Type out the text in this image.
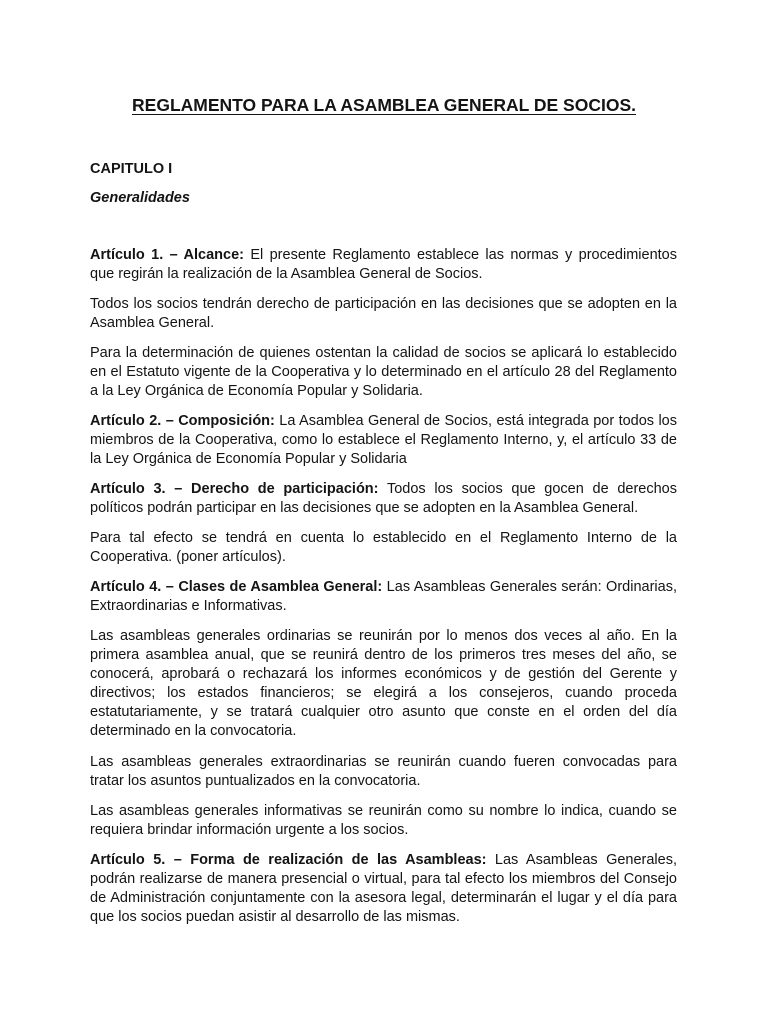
REGLAMENTO PARA LA ASAMBLEA GENERAL DE SOCIOS.
CAPITULO I
Generalidades

Artículo 1. – Alcance: El presente Reglamento establece las normas y procedimientos que regirán la realización de la Asamblea General de Socios.

Todos los socios tendrán derecho de participación en las decisiones que se adopten en la Asamblea General.

Para la determinación de quienes ostentan la calidad de socios se aplicará lo establecido en el Estatuto vigente de la Cooperativa y lo determinado en el artículo 28 del Reglamento a la Ley Orgánica de Economía Popular y Solidaria.

Artículo 2. – Composición: La Asamblea General de Socios, está integrada por todos los miembros de la Cooperativa, como lo establece el Reglamento Interno, y, el artículo 33 de la Ley Orgánica de Economía Popular y Solidaria

Artículo 3. – Derecho de participación: Todos los socios que gocen de derechos políticos podrán participar en las decisiones que se adopten en la Asamblea General.

Para tal efecto se tendrá en cuenta lo establecido en el Reglamento Interno de la Cooperativa. (poner artículos).

Artículo 4. – Clases de Asamblea General: Las Asambleas Generales serán: Ordinarias, Extraordinarias e Informativas.

Las asambleas generales ordinarias se reunirán por lo menos dos veces al año. En la primera asamblea anual, que se reunirá dentro de los primeros tres meses del año, se conocerá, aprobará o rechazará los informes económicos y de gestión del Gerente y directivos; los estados financieros; se elegirá a los consejeros, cuando proceda estatutariamente, y se tratará cualquier otro asunto que conste en el orden del día determinado en la convocatoria.

Las asambleas generales extraordinarias se reunirán cuando fueren convocadas para tratar los asuntos puntualizados en la convocatoria.

Las asambleas generales informativas se reunirán como su nombre lo indica, cuando se requiera brindar información urgente a los socios.

Artículo 5. – Forma de realización de las Asambleas: Las Asambleas Generales, podrán realizarse de manera presencial o virtual, para tal efecto los miembros del Consejo de Administración conjuntamente con la asesora legal, determinarán el lugar y el día para que los socios puedan asistir al desarrollo de las mismas.
